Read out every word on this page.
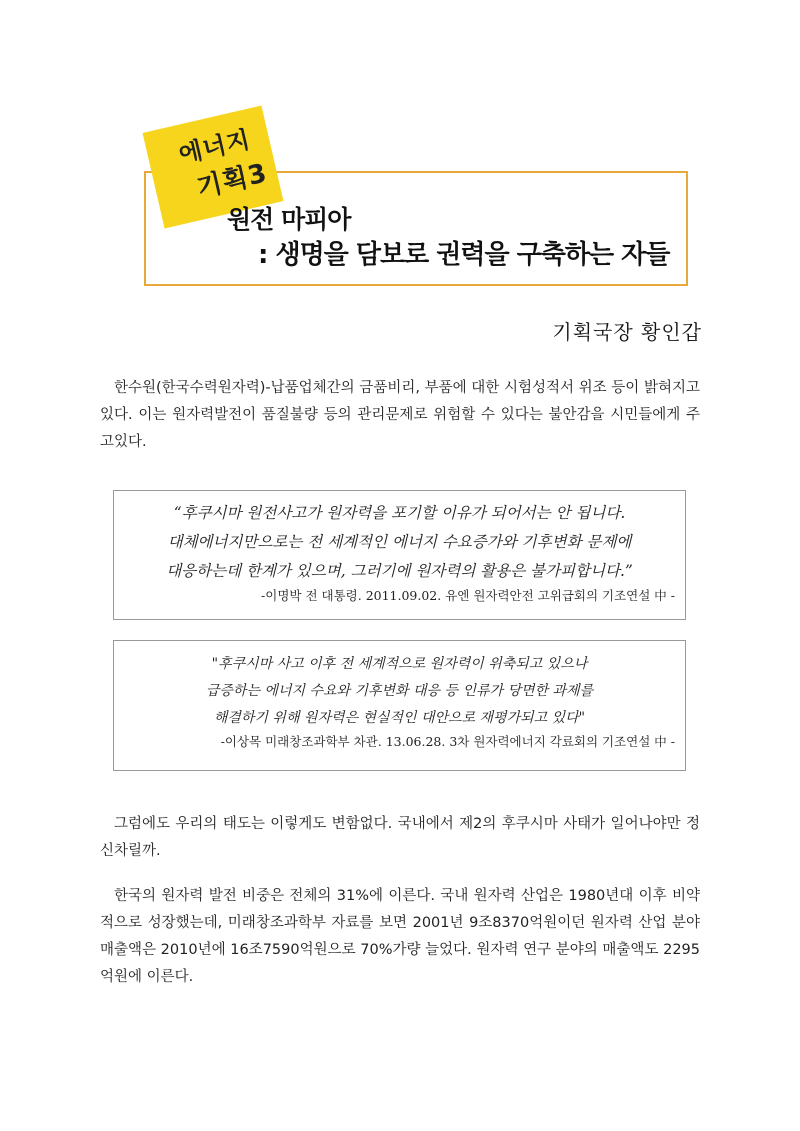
에너지
기획3
원전 마피아
: 생명을 담보로 권력을 구축하는 자들
기획국장 황인갑

한수원(한국수력원자력)-납품업체간의 금품비리, 부품에 대한 시험성적서 위조 등이 밝혀지고 있다. 이는 원자력발전이 품질불량 등의 관리문제로 위험할 수 있다는 불안감을 시민들에게 주고있다.

“후쿠시마 원전사고가 원자력을 포기할 이유가 되어서는 안 됩니다.
대체에너지만으로는 전 세계적인 에너지 수요증가와 기후변화 문제에
대응하는데 한계가 있으며, 그러기에 원자력의 활용은 불가피합니다.”

-이명박 전 대통령. 2011.09.02. 유엔 원자력안전 고위급회의 기조연설 中 -

"후쿠시마 사고 이후 전 세계적으로 원자력이 위축되고 있으나
급증하는 에너지 수요와 기후변화 대응 등 인류가 당면한 과제를
해결하기 위해 원자력은 현실적인 대안으로 재평가되고 있다"

-이상목 미래창조과학부 차관. 13.06.28. 3차 원자력에너지 각료회의 기조연설 中 -

그럼에도 우리의 태도는 이렇게도 변함없다. 국내에서 제2의 후쿠시마 사태가 일어나야만 정신차릴까.

한국의 원자력 발전 비중은 전체의 31%에 이른다. 국내 원자력 산업은 1980년대 이후 비약적으로 성장했는데, 미래창조과학부 자료를 보면 2001년 9조8370억원이던 원자력 산업 분야 매출액은 2010년에 16조7590억원으로 70%가량 늘었다. 원자력 연구 분야의 매출액도 2295억원에 이른다.
